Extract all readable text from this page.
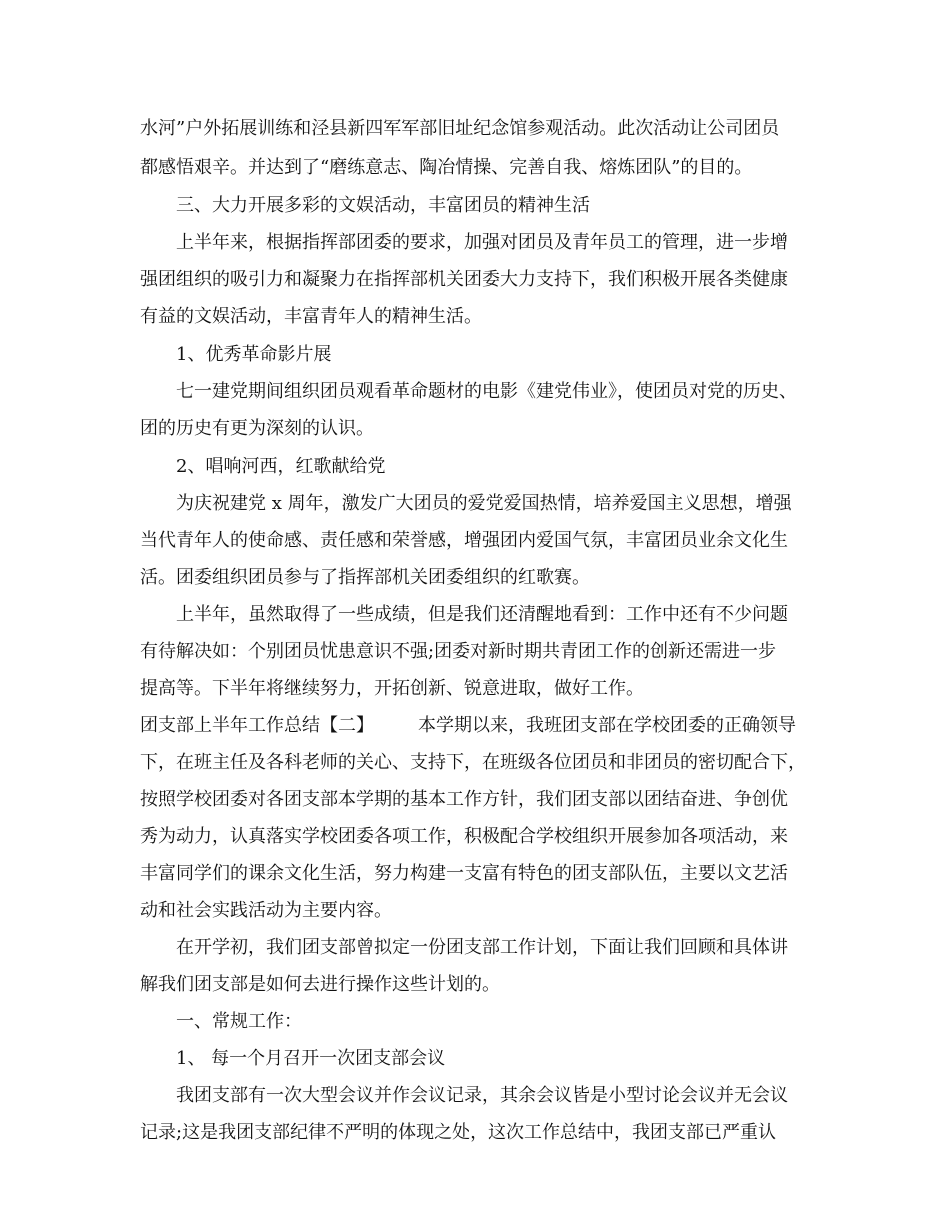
水河”户外拓展训练和泾县新四军军部旧址纪念馆参观活动。此次活动让公司团员
都感悟艰辛。并达到了“磨练意志、陶冶情操、完善自我、熔炼团队”的目的。
三、大力开展多彩的文娱活动，丰富团员的精神生活
上半年来，根据指挥部团委的要求，加强对团员及青年员工的管理，进一步增
强团组织的吸引力和凝聚力在指挥部机关团委大力支持下，我们积极开展各类健康
有益的文娱活动，丰富青年人的精神生活。
1、优秀革命影片展
七一建党期间组织团员观看革命题材的电影《建党伟业》，使团员对党的历史、
团的历史有更为深刻的认识。
2、唱响河西，红歌献给党
为庆祝建党 x 周年，激发广大团员的爱党爱国热情，培养爱国主义思想，增强
当代青年人的使命感、责任感和荣誉感，增强团内爱国气氛，丰富团员业余文化生
活。团委组织团员参与了指挥部机关团委组织的红歌赛。
上半年，虽然取得了一些成绩，但是我们还清醒地看到：工作中还有不少问题
有待解决如：个别团员忧患意识不强;团委对新时期共青团工作的创新还需进一步
提高等。下半年将继续努力，开拓创新、锐意进取，做好工作。
团支部上半年工作总结【二】 本学期以来，我班团支部在学校团委的正确领导
下，在班主任及各科老师的关心、支持下，在班级各位团员和非团员的密切配合下，
按照学校团委对各团支部本学期的基本工作方针，我们团支部以团结奋进、争创优
秀为动力，认真落实学校团委各项工作，积极配合学校组织开展参加各项活动，来
丰富同学们的课余文化生活，努力构建一支富有特色的团支部队伍，主要以文艺活
动和社会实践活动为主要内容。
在开学初，我们团支部曾拟定一份团支部工作计划，下面让我们回顾和具体讲
解我们团支部是如何去进行操作这些计划的。
一、常规工作：
1、 每一个月召开一次团支部会议
我团支部有一次大型会议并作会议记录，其余会议皆是小型讨论会议并无会议
记录;这是我团支部纪律不严明的体现之处，这次工作总结中，我团支部已严重认
